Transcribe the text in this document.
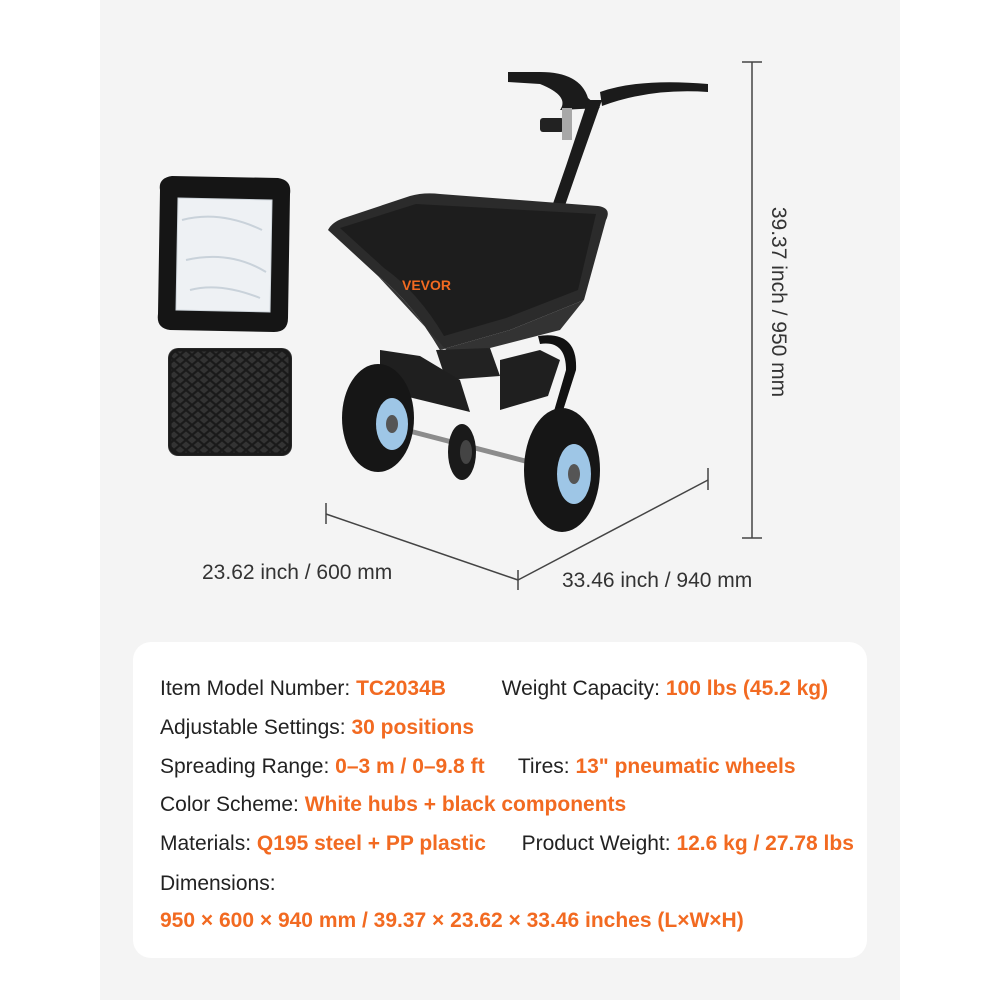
VEVOR
23.62 inch / 600 mm	33.46 inch / 940 mm
39.37 inch / 950 mm
Item Model Number: TC2034B	Weight Capacity: 100 lbs (45.2 kg)
Adjustable Settings: 30 positions
Spreading Range: 0–3 m / 0–9.8 ft Tires: 13" pneumatic wheels
Color Scheme: White hubs + black components
Materials: Q195 steel + PP plastic Product Weight: 12.6 kg / 27.78 lbs
Dimensions:
950 × 600 × 940 mm / 39.37 × 23.62 × 33.46 inches (L×W×H)
